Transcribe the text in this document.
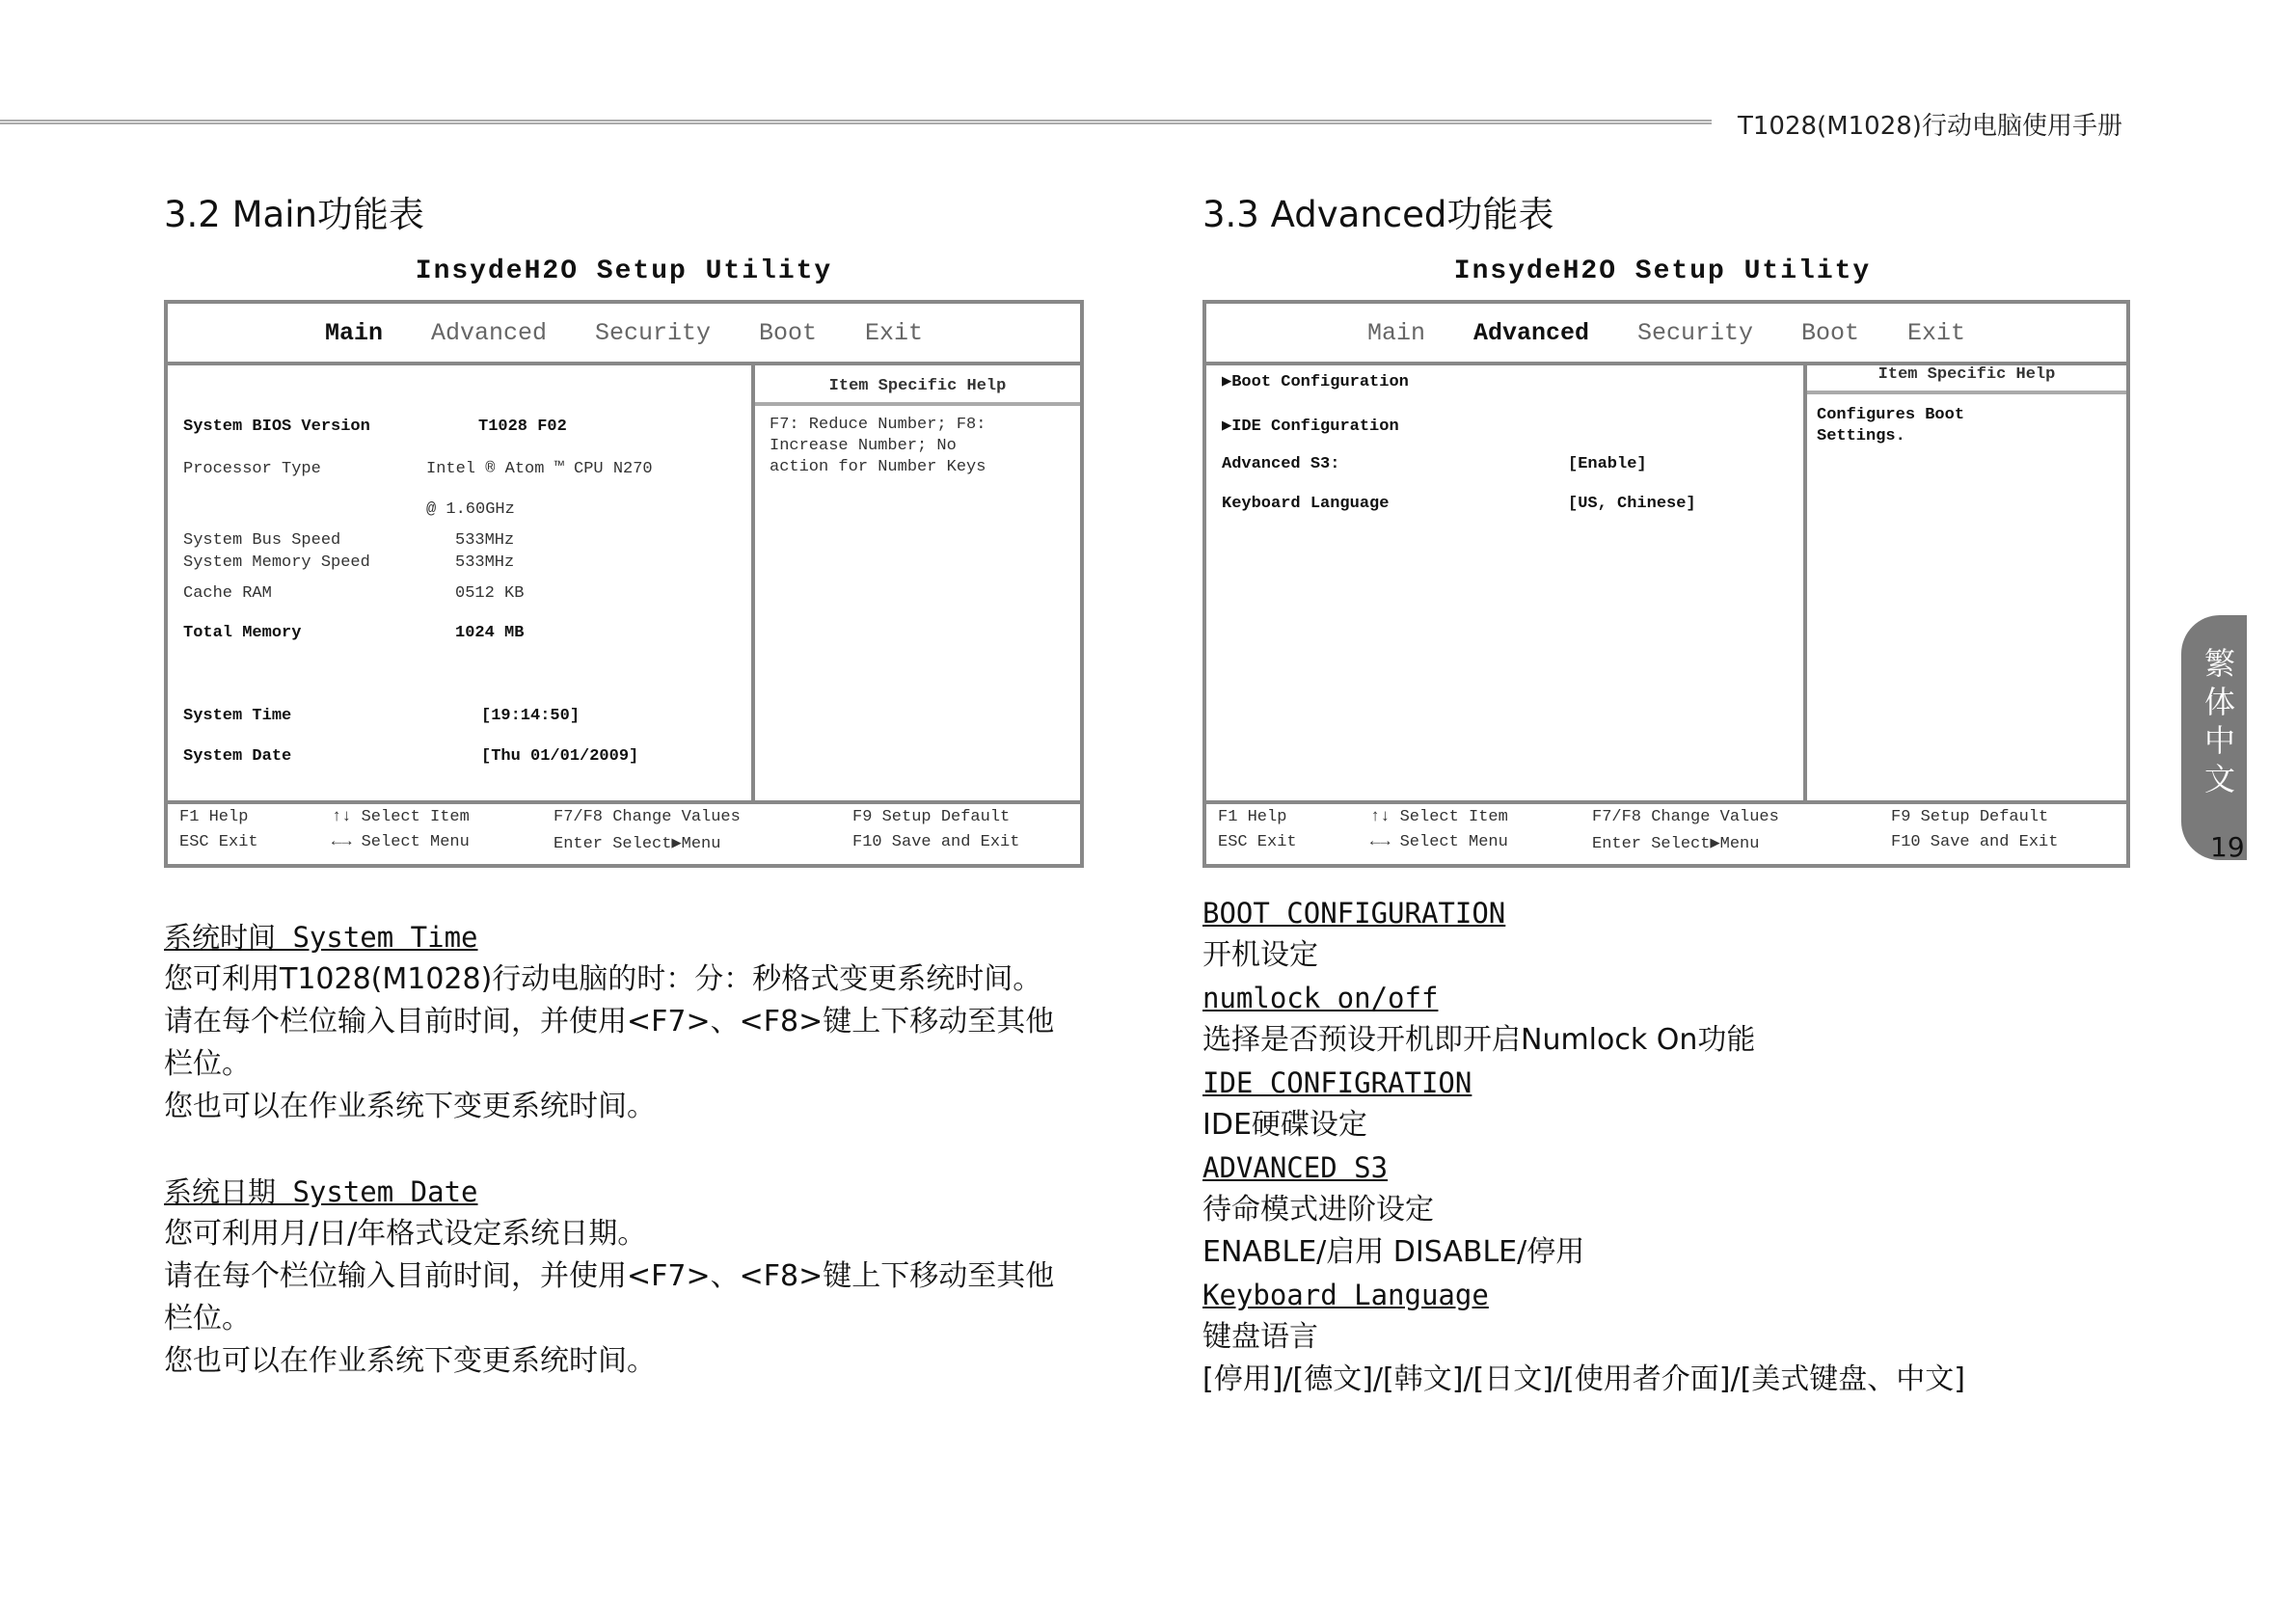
T1028(M1028)行动电脑使用手册
3.2 Main功能表	3.3 Advanced功能表
InsydeH2O Setup Utility	InsydeH2O Setup Utility
Main Advanced Security Boot Exit
Item Specific Help
F7: Reduce Number; F8:
Increase Number; No
action for Number Keys
System BIOS Version	T1028 F02
Processor Type	Intel ® Atom ™ CPU N270
@ 1.60GHz
System Bus Speed	533MHz
System Memory Speed	533MHz
Cache RAM	0512 KB
Total Memory	1024 MB
System Time	[19:14:50]
System Date	[Thu 01/01/2009]
F1 Help
ESC Exit
↑↓ Select Item
←→ Select Menu
F7/F8 Change Values
Enter Select▶Menu
F9 Setup Default
F10 Save and Exit
Main Advanced Security Boot Exit
Item Specific Help
Configures Boot
Settings.
▶Boot Configuration
▶IDE Configuration
Advanced S3:	[Enable]
Keyboard Language	[US, Chinese]
F1 Help
ESC Exit
↑↓ Select Item
←→ Select Menu
F7/F8 Change Values
Enter Select▶Menu
F9 Setup Default
F10 Save and Exit
系统时间 System Time
您可利用T1028(M1028)行动电脑的时：分：秒格式变更系统时间。
请在每个栏位输入目前时间，并使用<F7>、<F8>键上下移动至其他
栏位。
您也可以在作业系统下变更系统时间。
系统日期 System Date
您可利用月/日/年格式设定系统日期。
请在每个栏位输入目前时间，并使用<F7>、<F8>键上下移动至其他
栏位。
您也可以在作业系统下变更系统时间。
BOOT CONFIGURATION
开机设定
numlock on/off
选择是否预设开机即开启Numlock On功能
IDE CONFIGRATION
IDE硬碟设定
ADVANCED S3
待命模式进阶设定
ENABLE/启用 DISABLE/停用
Keyboard Language
键盘语言
[停用]/[德文]/[韩文]/[日文]/[使用者介面]/[美式键盘、中文]
繁体中文
19
